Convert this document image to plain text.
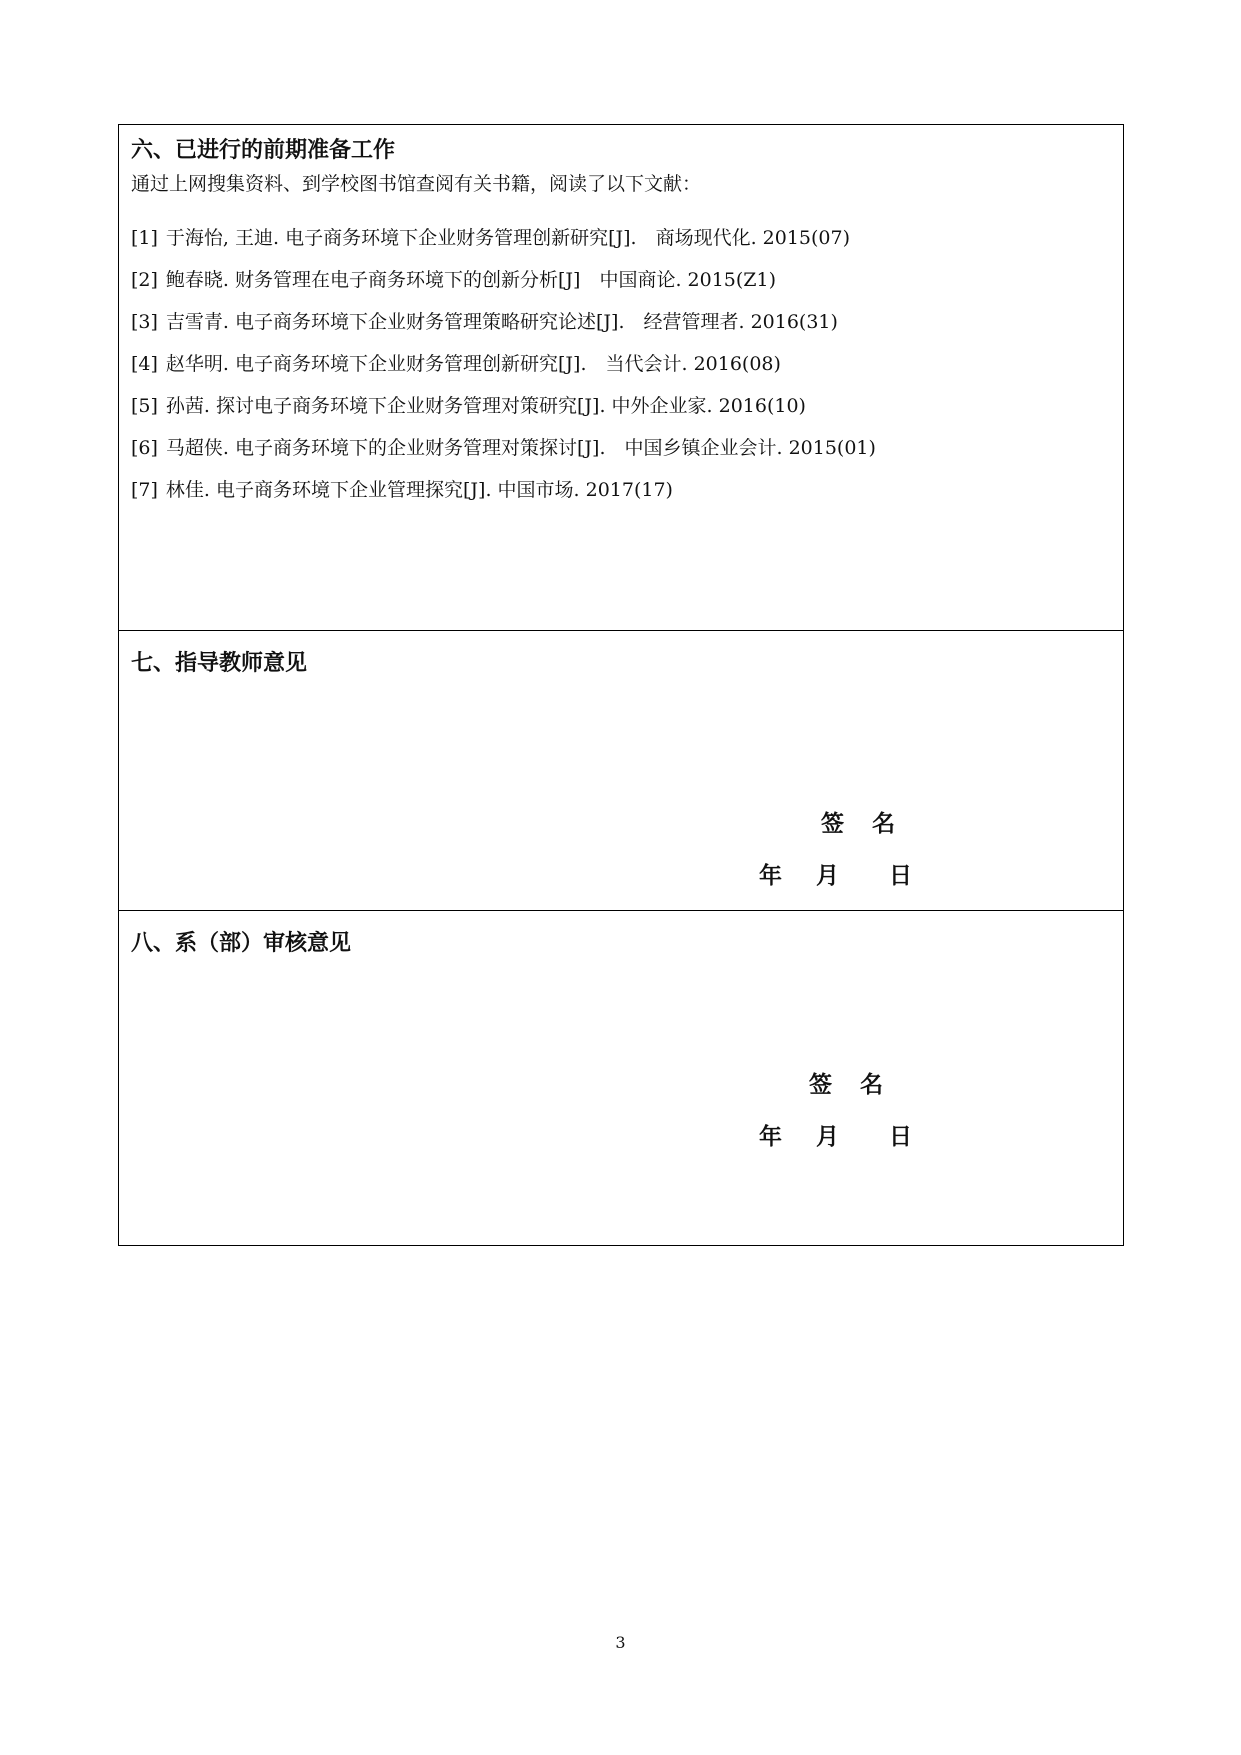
六、已进行的前期准备工作
通过上网搜集资料、到学校图书馆查阅有关书籍，阅读了以下文献：
[1] 于海怡, 王迪. 电子商务环境下企业财务管理创新研究[J].　商场现代化. 2015(07)
[2] 鲍春晓. 财务管理在电子商务环境下的创新分析[J]　中国商论. 2015(Z1)
[3] 吉雪青. 电子商务环境下企业财务管理策略研究论述[J].　经营管理者. 2016(31)
[4] 赵华明. 电子商务环境下企业财务管理创新研究[J].　当代会计. 2016(08)
[5] 孙茜. 探讨电子商务环境下企业财务管理对策研究[J]. 中外企业家. 2016(10)
[6] 马超侠. 电子商务环境下的企业财务管理对策探讨[J].　中国乡镇企业会计. 2015(01)
[7] 林佳. 电子商务环境下企业管理探究[J]. 中国市场. 2017(17)
七、指导教师意见
签 名
年 月 日
八、系（部）审核意见
签 名
年 月 日
3
